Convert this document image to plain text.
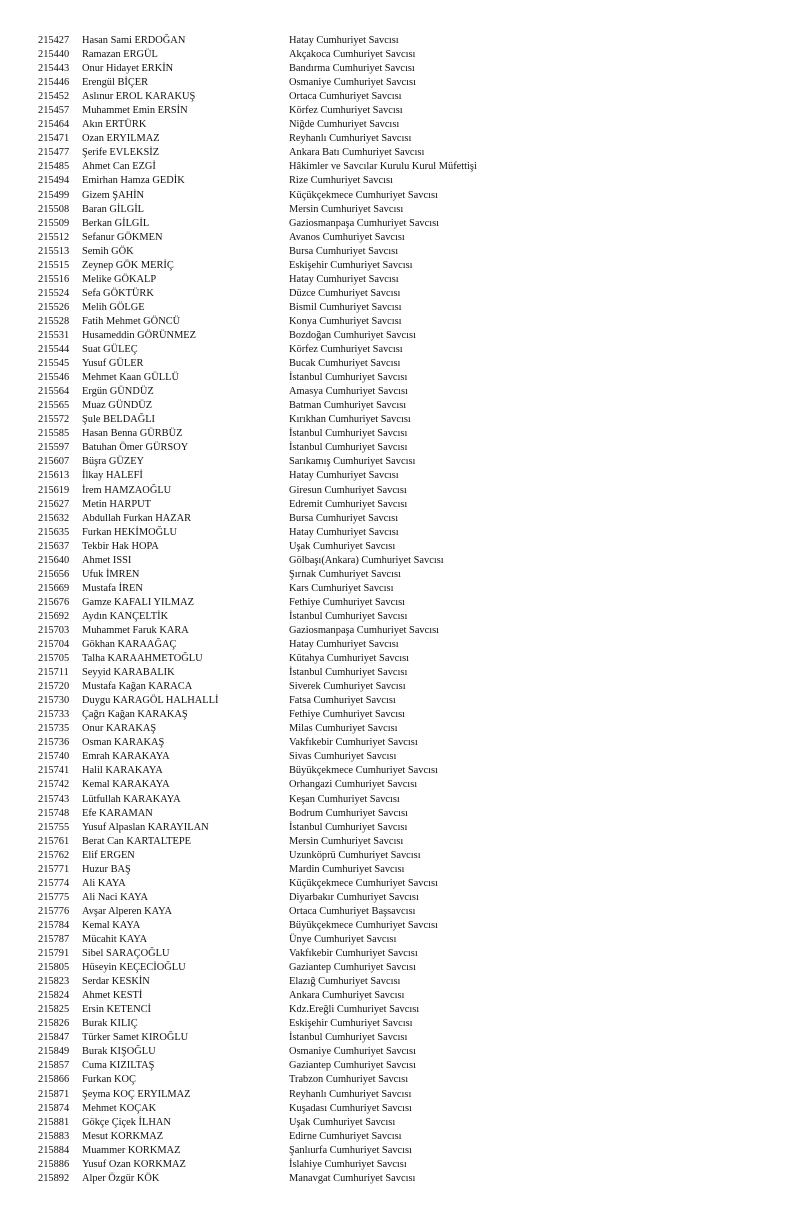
215427 Hasan Sami ERDOĞAN	Hatay Cumhuriyet Savcısı
215440 Ramazan ERGÜL	Akçakoca Cumhuriyet Savcısı
215443 Onur Hidayet ERKİN	Bandırma Cumhuriyet Savcısı
215446 Erengül BİÇER	Osmaniye Cumhuriyet Savcısı
215452 Aslınur EROL KARAKUŞ	Ortaca Cumhuriyet Savcısı
215457 Muhammet Emin ERSİN	Körfez Cumhuriyet Savcısı
215464 Akın ERTÜRK	Niğde Cumhuriyet Savcısı
215471 Ozan ERYILMAZ	Reyhanlı Cumhuriyet Savcısı
215477 Şerife EVLEKSİZ	Ankara Batı Cumhuriyet Savcısı
215485 Ahmet Can EZGİ	Hâkimler ve Savcılar Kurulu Kurul Müfettişi
215494 Emirhan Hamza GEDİK	Rize Cumhuriyet Savcısı
215499 Gizem ŞAHİN	Küçükçekmece Cumhuriyet Savcısı
215508 Baran GİLGİL	Mersin Cumhuriyet Savcısı
215509 Berkan GİLGİL	Gaziosmanpaşa Cumhuriyet Savcısı
215512 Sefanur GÖKMEN	Avanos Cumhuriyet Savcısı
215513 Semih GÖK	Bursa Cumhuriyet Savcısı
215515 Zeynep GÖK MERİÇ	Eskişehir Cumhuriyet Savcısı
215516 Melike GÖKALP	Hatay Cumhuriyet Savcısı
215524 Sefa GÖKTÜRK	Düzce Cumhuriyet Savcısı
215526 Melih GÖLGE	Bismil Cumhuriyet Savcısı
215528 Fatih Mehmet GÖNCÜ	Konya Cumhuriyet Savcısı
215531 Husameddin GÖRÜNMEZ	Bozdoğan Cumhuriyet Savcısı
215544 Suat GÜLEÇ	Körfez Cumhuriyet Savcısı
215545 Yusuf GÜLER	Bucak Cumhuriyet Savcısı
215546 Mehmet Kaan GÜLLÜ	İstanbul Cumhuriyet Savcısı
215564 Ergün GÜNDÜZ	Amasya Cumhuriyet Savcısı
215565 Muaz GÜNDÜZ	Batman Cumhuriyet Savcısı
215572 Şule BELDAĞLI	Kırıkhan Cumhuriyet Savcısı
215585 Hasan Benna GÜRBÜZ	İstanbul Cumhuriyet Savcısı
215597 Batuhan Ömer GÜRSOY	İstanbul Cumhuriyet Savcısı
215607 Büşra GÜZEY	Sarıkamış Cumhuriyet Savcısı
215613 İlkay HALEFİ	Hatay Cumhuriyet Savcısı
215619 İrem HAMZAOĞLU	Giresun Cumhuriyet Savcısı
215627 Metin HARPUT	Edremit Cumhuriyet Savcısı
215632 Abdullah Furkan HAZAR	Bursa Cumhuriyet Savcısı
215635 Furkan HEKİMOĞLU	Hatay Cumhuriyet Savcısı
215637 Tekbir Hak HOPA	Uşak Cumhuriyet Savcısı
215640 Ahmet ISSI	Gölbaşı(Ankara) Cumhuriyet Savcısı
215656 Ufuk İMREN	Şırnak Cumhuriyet Savcısı
215669 Mustafa İREN	Kars Cumhuriyet Savcısı
215676 Gamze KAFALI YILMAZ	Fethiye Cumhuriyet Savcısı
215692 Aydın KANÇELTİK	İstanbul Cumhuriyet Savcısı
215703 Muhammet Faruk KARA	Gaziosmanpaşa Cumhuriyet Savcısı
215704 Gökhan KARAAĞAÇ	Hatay Cumhuriyet Savcısı
215705 Talha KARAAHMETOĞLU	Kütahya Cumhuriyet Savcısı
215711 Seyyid KARABALIK	İstanbul Cumhuriyet Savcısı
215720 Mustafa Kağan KARACA	Siverek Cumhuriyet Savcısı
215730 Duygu KARAGÖL HALHALLİ	Fatsa Cumhuriyet Savcısı
215733 Çağrı Kağan KARAKAŞ	Fethiye Cumhuriyet Savcısı
215735 Onur KARAKAŞ	Milas Cumhuriyet Savcısı
215736 Osman KARAKAŞ	Vakfıkebir Cumhuriyet Savcısı
215740 Emrah KARAKAYA	Sivas Cumhuriyet Savcısı
215741 Halil KARAKAYA	Büyükçekmece Cumhuriyet Savcısı
215742 Kemal KARAKAYA	Orhangazi Cumhuriyet Savcısı
215743 Lütfullah KARAKAYA	Keşan Cumhuriyet Savcısı
215748 Efe KARAMAN	Bodrum Cumhuriyet Savcısı
215755 Yusuf Alpaslan KARAYILAN	İstanbul Cumhuriyet Savcısı
215761 Berat Can KARTALTEPE	Mersin Cumhuriyet Savcısı
215762 Elif ERGEN	Uzunköprü Cumhuriyet Savcısı
215771 Huzur BAŞ	Mardin Cumhuriyet Savcısı
215774 Ali KAYA	Küçükçekmece Cumhuriyet Savcısı
215775 Ali Naci KAYA	Diyarbakır Cumhuriyet Savcısı
215776 Avşar Alperen KAYA	Ortaca Cumhuriyet Başsavcısı
215784 Kemal KAYA	Büyükçekmece Cumhuriyet Savcısı
215787 Mücahit KAYA	Ünye Cumhuriyet Savcısı
215791 Sibel SARAÇOĞLU	Vakfıkebir Cumhuriyet Savcısı
215805 Hüseyin KEÇECİOĞLU	Gaziantep Cumhuriyet Savcısı
215823 Serdar KESKİN	Elazığ Cumhuriyet Savcısı
215824 Ahmet KESTİ	Ankara Cumhuriyet Savcısı
215825 Ersin KETENCİ	Kdz.Ereğli Cumhuriyet Savcısı
215826 Burak KILIÇ	Eskişehir Cumhuriyet Savcısı
215847 Türker Samet KIROĞLU	İstanbul Cumhuriyet Savcısı
215849 Burak KIŞOĞLU	Osmaniye Cumhuriyet Savcısı
215857 Cuma KIZILTAŞ	Gaziantep Cumhuriyet Savcısı
215866 Furkan KOÇ	Trabzon Cumhuriyet Savcısı
215871 Şeyma KOÇ ERYILMAZ	Reyhanlı Cumhuriyet Savcısı
215874 Mehmet KOÇAK	Kuşadası Cumhuriyet Savcısı
215881 Gökçe Çiçek İLHAN	Uşak Cumhuriyet Savcısı
215883 Mesut KORKMAZ	Edirne Cumhuriyet Savcısı
215884 Muammer KORKMAZ	Şanlıurfa Cumhuriyet Savcısı
215886 Yusuf Ozan KORKMAZ	İslahiye Cumhuriyet Savcısı
215892 Alper Özgür KÖK	Manavgat Cumhuriyet Savcısı
